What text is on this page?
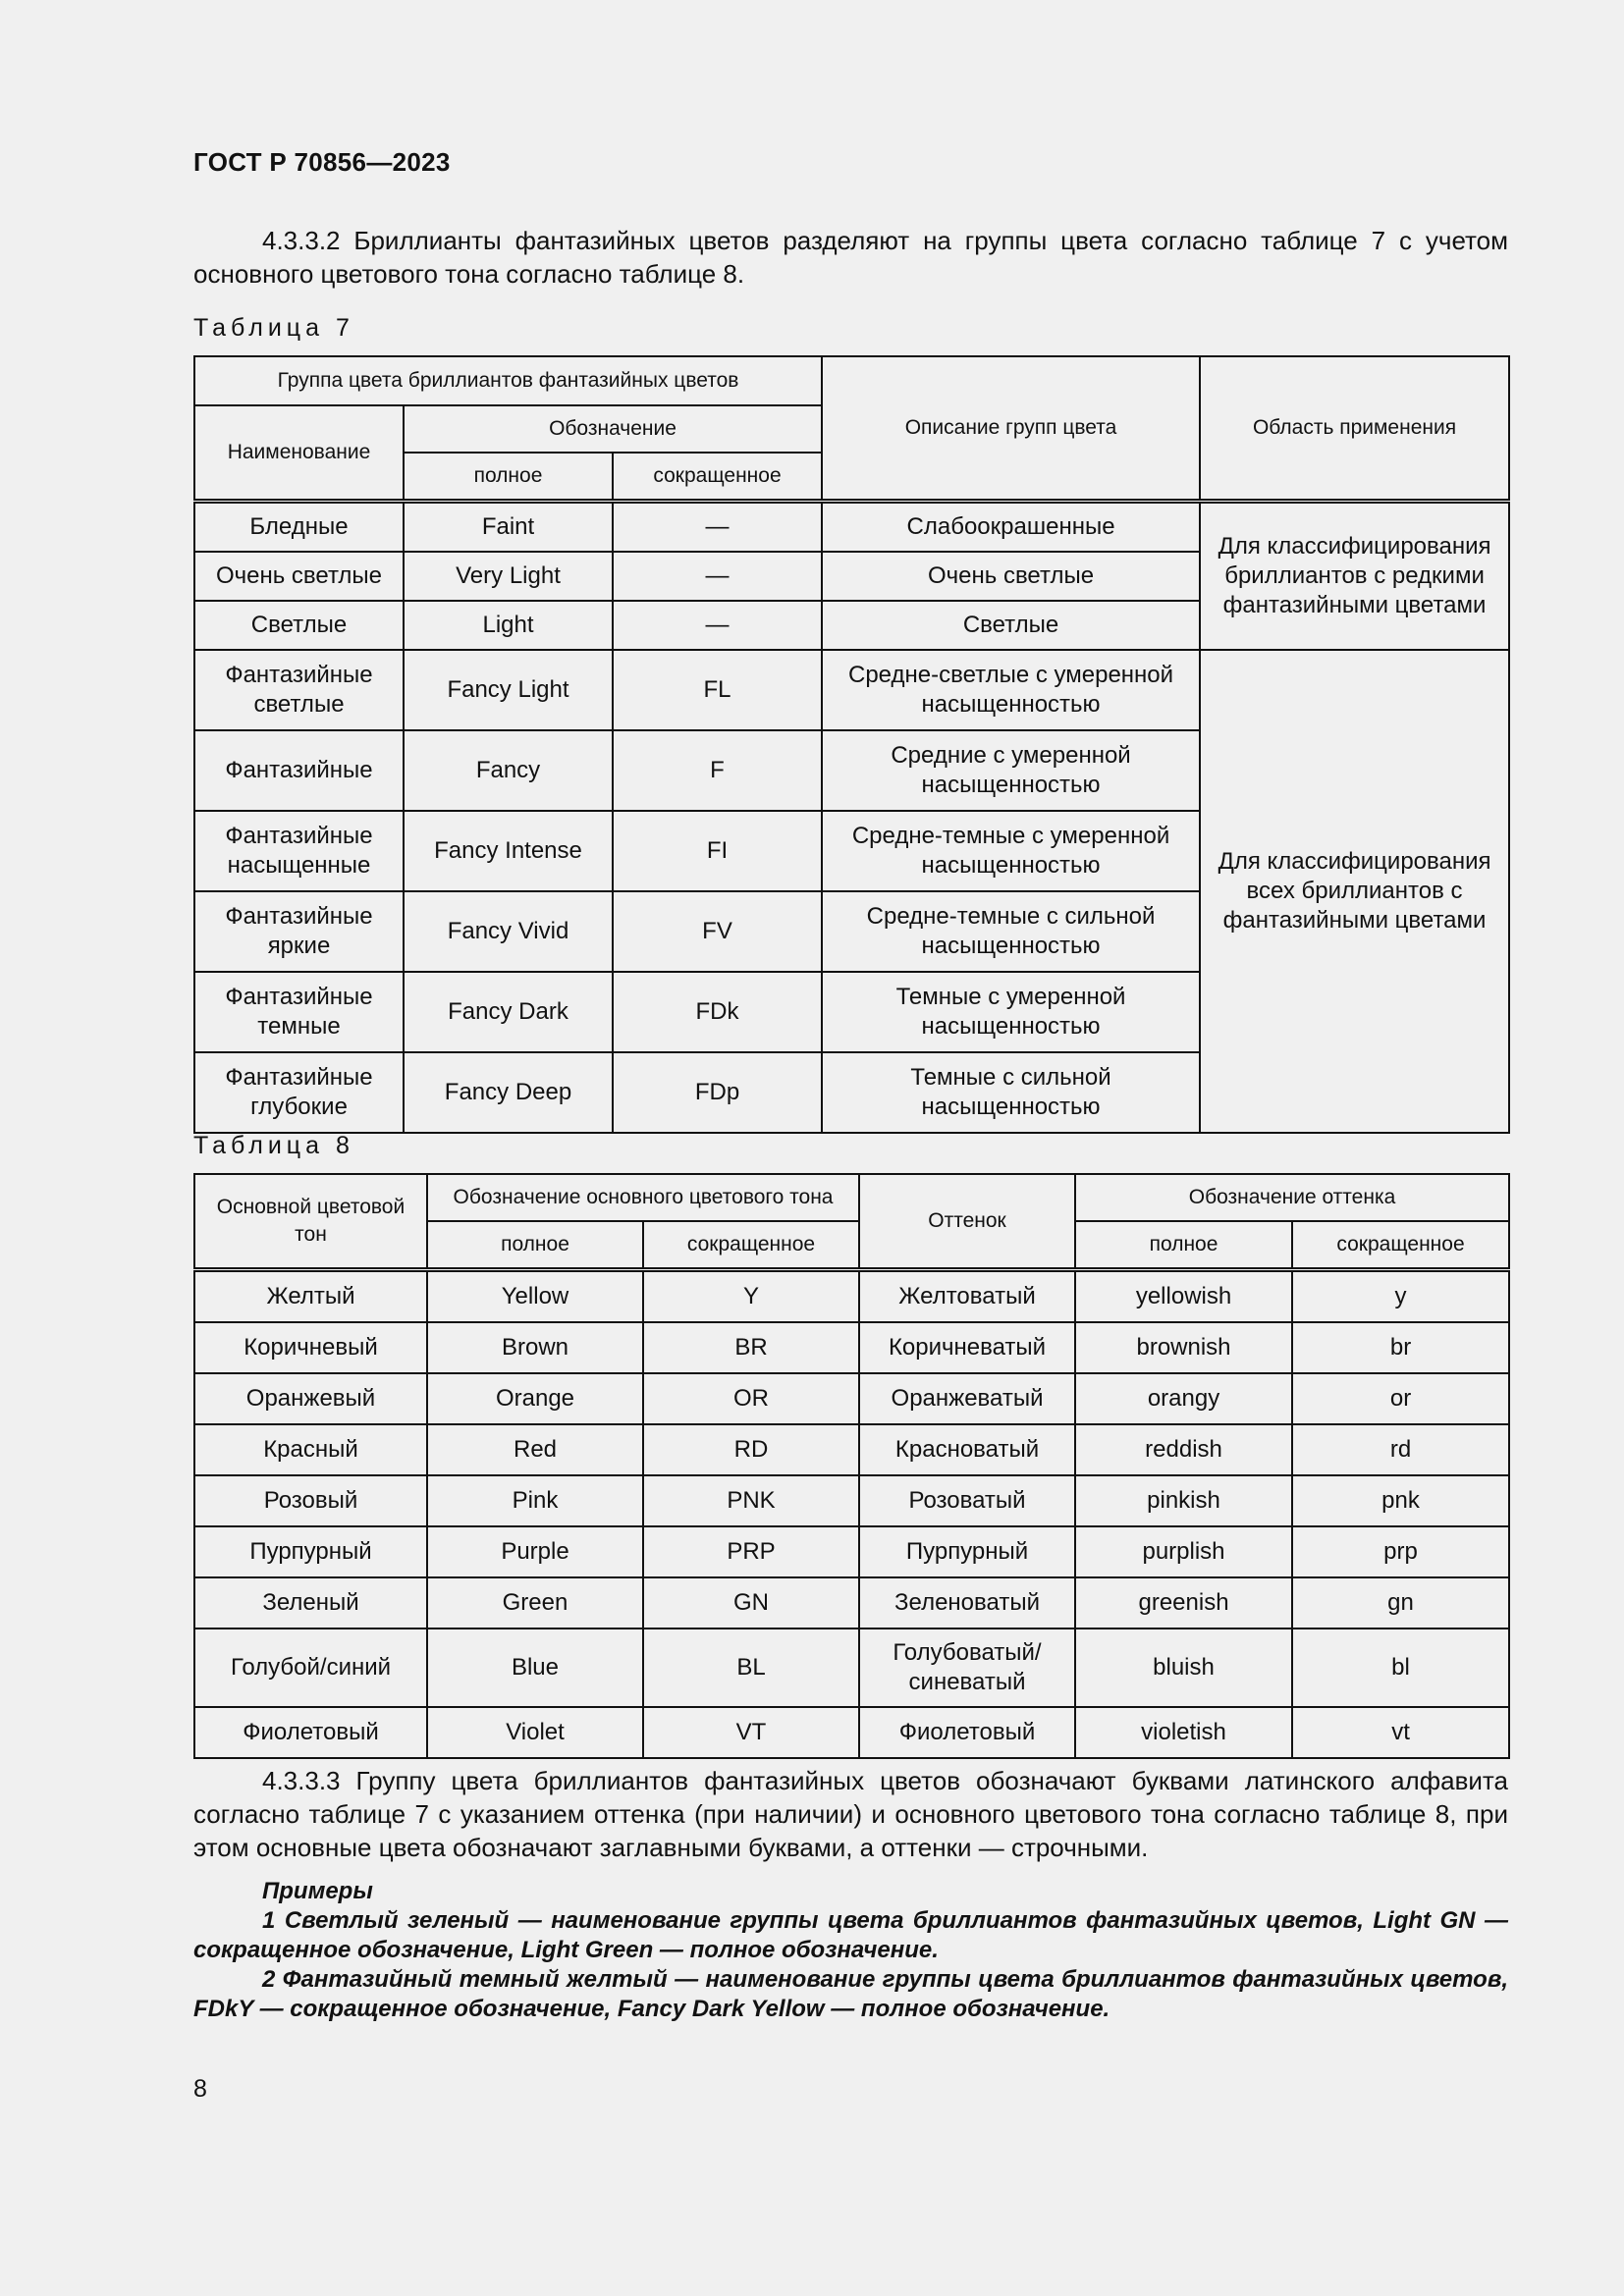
ГОСТ Р 70856—2023
4.3.3.2 Бриллианты фантазийных цветов разделяют на группы цвета согласно таблице 7 с учетом основного цветового тона согласно таблице 8.
Таблица 7
Группа цвета бриллиантов фантазийных цветов			Описание групп цвета	Область применения
Наименование	Обозначение			
	полное	сокращенное		
Бледные	Faint	—	Слабоокрашенные	Для классифицирования бриллиантов с редкими фантазийными цветами
Очень светлые	Very Light	—	Очень светлые	
Светлые	Light	—	Светлые	
Фантазийные светлые	Fancy Light	FL	Средне-светлые с умеренной насыщенностью	Для классифицирования всех бриллиантов с фантазийными цветами
Фантазийные	Fancy	F	Средние с умеренной насыщенностью	
Фантазийные насыщенные	Fancy Intense	FI	Средне-темные с умеренной насыщенностью	
Фантазийные яркие	Fancy Vivid	FV	Средне-темные с сильной насыщенностью	
Фантазийные темные	Fancy Dark	FDk	Темные с умеренной насыщенностью	
Фантазийные глубокие	Fancy Deep	FDp	Темные с сильной насыщенностью	
Таблица 8
Основной цветовой тон	Обозначение основного цветового тона		Оттенок	Обозначение оттенка	
	полное	сокращенное		полное	сокращенное
Желтый	Yellow	Y	Желтоватый	yellowish	y
Коричневый	Brown	BR	Коричневатый	brownish	br
Оранжевый	Orange	OR	Оранжеватый	orangy	or
Красный	Red	RD	Красноватый	reddish	rd
Розовый	Pink	PNK	Розоватый	pinkish	pnk
Пурпурный	Purple	PRP	Пурпурный	purplish	prp
Зеленый	Green	GN	Зеленоватый	greenish	gn
Голубой/синий	Blue	BL	Голубоватый/ синеватый	bluish	bl
Фиолетовый	Violet	VT	Фиолетовый	violetish	vt
4.3.3.3 Группу цвета бриллиантов фантазийных цветов обозначают буквами латинского алфавита согласно таблице 7 с указанием оттенка (при наличии) и основного цветового тона согласно таблице 8, при этом основные цвета обозначают заглавными буквами, а оттенки — строчными.

Примеры

1 Светлый зеленый — наименование группы цвета бриллиантов фантазийных цветов, Light GN — сокращенное обозначение, Light Green — полное обозначение.

2 Фантазийный темный желтый — наименование группы цвета бриллиантов фантазийных цветов, FDkY — сокращенное обозначение, Fancy Dark Yellow — полное обозначение.

8
